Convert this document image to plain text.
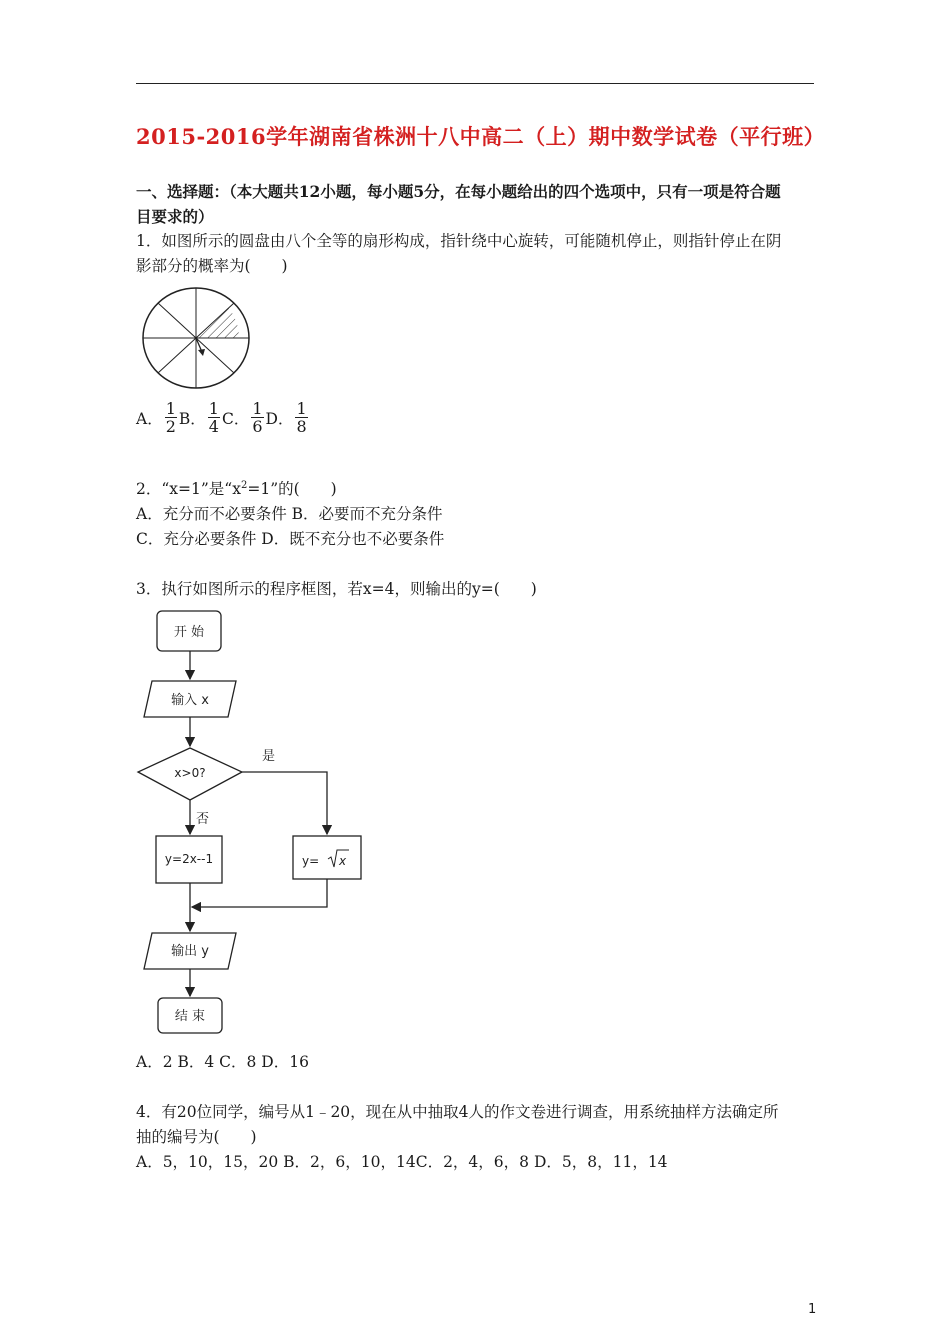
2015-2016学年湖南省株洲十八中高二（上）期中数学试卷（平行班）
一、选择题：（本大题共12小题，每小题5分，在每小题给出的四个选项中，只有一项是符合题
目要求的）
1．如图所示的圆盘由八个全等的扇形构成，指针绕中心旋转，可能随机停止，则指针停止在阴
影部分的概率为(　　)
A． $\frac{1}{2}$ B． $\frac{1}{4}$ C． $\frac{1}{6}$ D． $\frac{1}{8}$
2．“x=1”是“$x^2=1$”的(　　)
A．充分而不必要条件 B．必要而不充分条件
C．充分必要条件 D．既不充分也不必要条件
3．执行如图所示的程序框图，若x=4，则输出的y=(　　)
开 始
输入 x
x>0?
是
否
y=2x--1	y=
输出 y
结 束
x
A．2 B．4 C．8 D．16
4．有20位同学，编号从1﹣20，现在从中抽取4人的作文卷进行调查，用系统抽样方法确定所
抽的编号为(　　)
A．5，10，15，20 B．2，6，10，14C．2，4，6，8 D．5，8，11，14
1
